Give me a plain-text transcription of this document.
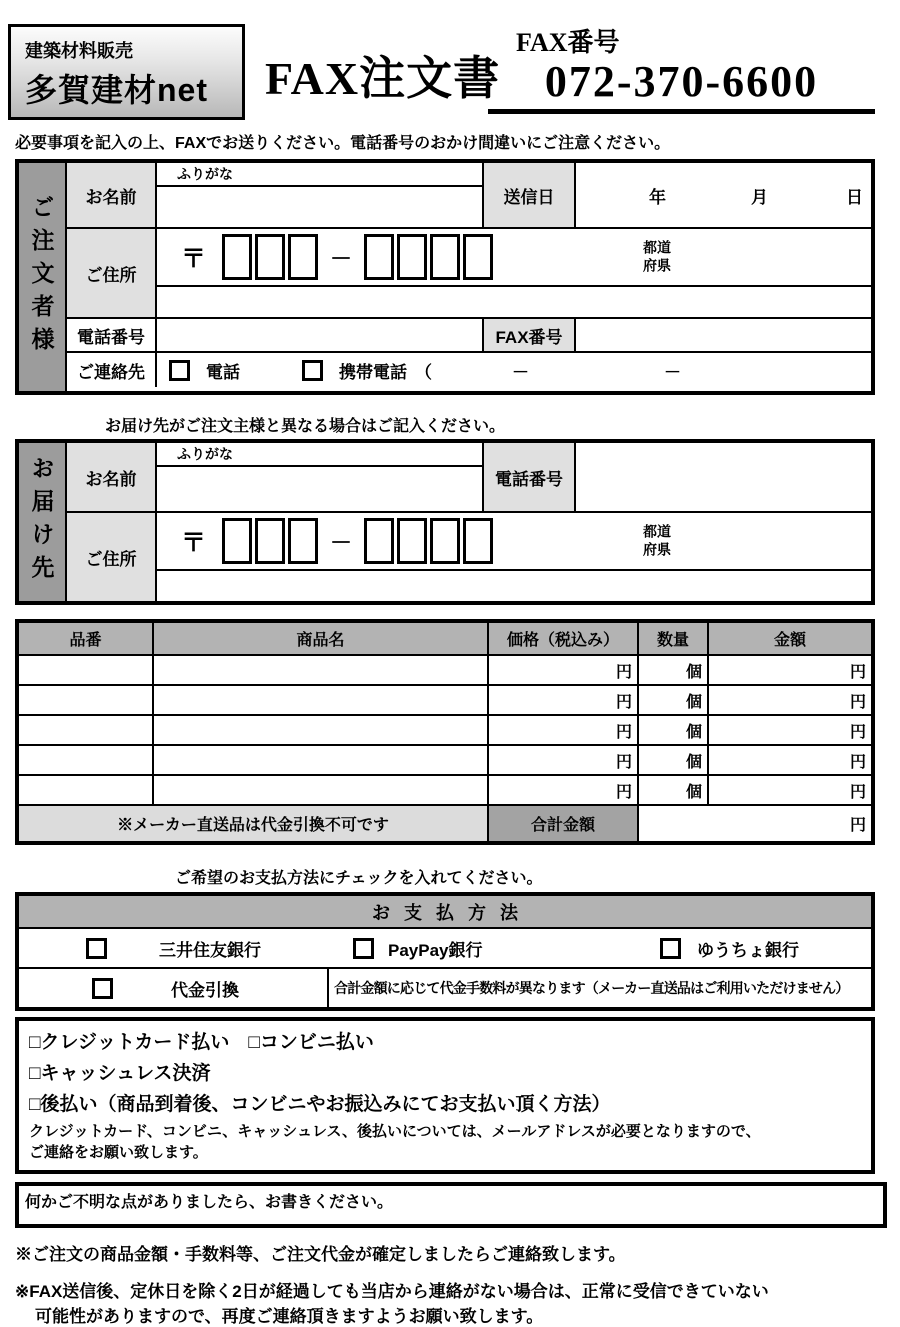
建築材料販売
多賀建材net	FAX注文書
FAX番号
072-370-6600
必要事項を記入の上、FAXでお送りください。電話番号のおかけ間違いにご注意ください。
ご注文者様	お名前
ふりがな
送信日	年	月	日
ご住所
〒	－	都道
府県
電話番号	FAX番号
ご連絡先	電話	携帯電話 （	－	－
お届け先がご注文主様と異なる場合はご記入ください。
お届け先	お名前
ふりがな
電話番号
ご住所
〒	－	都道
府県
品番	商品名	価格（税込み）	数量	金額
円	個	円
円	個	円
円	個	円
円	個	円
円	個	円
※メーカー直送品は代金引換不可です	合計金額	円
ご希望のお支払方法にチェックを入れてください。
お支払方法
三井住友銀行	PayPay銀行	ゆうちょ銀行
代金引換	合計金額に応じて代金手数料が異なります（メーカー直送品はご利用いただけません）
□クレジットカード払い　□コンビニ払い
□キャッシュレス決済
□後払い（商品到着後、コンビニやお振込みにてお支払い頂く方法）
クレジットカード、コンビニ、キャッシュレス、後払いについては、メールアドレスが必要となりますので、
ご連絡をお願い致します。
何かご不明な点がありましたら、お書きください。
※ご注文の商品金額・手数料等、ご注文代金が確定しましたらご連絡致します。
※FAX送信後、定休日を除く2日が経過しても当店から連絡がない場合は、正常に受信できていない
可能性がありますので、再度ご連絡頂きますようお願い致します。
